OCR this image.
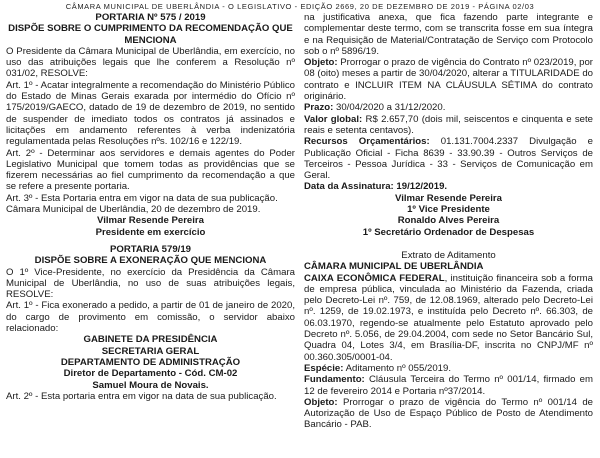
CÂMARA MUNICIPAL DE UBERLÂNDIA - O LEGISLATIVO - EDIÇÃO 2669, 20 DE DEZEMBRO DE 2019 - PÁGINA 02/03

PORTARIA Nº 575 / 2019

DISPÕE SOBRE O CUMPRIMENTO DA RECOMENDAÇÃO QUE MENCIONA

O Presidente da Câmara Municipal de Uberlândia, em exercício, no uso das atribuições legais que lhe conferem a Resolução nº 031/02, RESOLVE:

Art. 1º - Acatar integralmente a recomendação do Ministério Público do Estado de Minas Gerais exarada por intermédio do Ofício nº 175/2019/GAECO, datado de 19 de dezembro de 2019, no sentido de suspender de imediato todos os contratos já assinados e licitações em andamento referentes à verba indenizatória regulamentada pelas Resoluções nºs. 102/16 e 122/19.

Art. 2º - Determinar aos servidores e demais agentes do Poder Legislativo Municipal que tomem todas as providências que se fizerem necessárias ao fiel cumprimento da recomendação a que se refere a presente portaria.

Art. 3º - Esta Portaria entra em vigor na data de sua publicação.

Câmara Municipal de Uberlândia, 20 de dezembro de 2019.

Vilmar Resende Pereira

Presidente em exercício

PORTARIA 579/19

DISPÕE SOBRE A EXONERAÇÃO QUE MENCIONA

O 1º Vice-Presidente, no exercício da Presidência da Câmara Municipal de Uberlândia, no uso de suas atribuições legais, RESOLVE:

Art. 1º - Fica exonerado a pedido, a partir de 01 de janeiro de 2020, do cargo de provimento em comissão, o servidor abaixo relacionado:

GABINETE DA PRESIDÊNCIA

SECRETARIA GERAL

DEPARTAMENTO DE ADMINISTRAÇÃO

Diretor de Departamento - Cód. CM-02

Samuel Moura de Novais.

Art. 2º - Esta portaria entra em vigor na data de sua publicação.

na justificativa anexa, que fica fazendo parte integrante e complementar deste termo, com se transcrita fosse em sua íntegra e na Requisição de Material/Contratação de Serviço com Protocolo sob o nº 5896/19.

Objeto: Prorrogar o prazo de vigência do Contrato nº 023/2019, por 08 (oito) meses a partir de 30/04/2020, alterar a TITULARIDADE do contrato e INCLUIR ITEM NA CLÁUSULA SÉTIMA do contrato originário.

Prazo: 30/04/2020 a 31/12/2020.

Valor global: R$ 2.657,70 (dois mil, seiscentos e cinquenta e sete reais e setenta centavos).

Recursos Orçamentários: 01.131.7004.2337 Divulgação e Publicação Oficial - Ficha 8639 - 33.90.39 - Outros Serviços de Terceiros - Pessoa Jurídica - 33 - Serviços de Comunicação em Geral.

Data da Assinatura: 19/12/2019.

Vilmar Resende Pereira

1º Vice Presidente

Ronaldo Alves Pereira

1º Secretário Ordenador de Despesas

Extrato de Aditamento

CÂMARA MUNICIPAL DE UBERLÂNDIA

CAIXA ECONÔMICA FEDERAL, instituição financeira sob a forma de empresa pública, vinculada ao Ministério da Fazenda, criada pelo Decreto-Lei nº. 759, de 12.08.1969, alterado pelo Decreto-Lei nº. 1259, de 19.02.1973, e instituída pelo Decreto nº. 66.303, de 06.03.1970, regendo-se atualmente pelo Estatuto aprovado pelo Decreto nº. 5.056, de 29.04.2004, com sede no Setor Bancário Sul, Quadra 04, Lotes 3/4, em Brasília-DF, inscrita no CNPJ/MF nº 00.360.305/0001-04.

Espécie: Aditamento nº 055/2019.

Fundamento: Cláusula Terceira do Termo nº 001/14, firmado em 12 de fevereiro 2014 e Portaria nº37/2014.

Objeto: Prorrogar o prazo de vigência do Termo nº 001/14 de Autorização de Uso de Espaço Público de Posto de Atendimento Bancário - PAB.
